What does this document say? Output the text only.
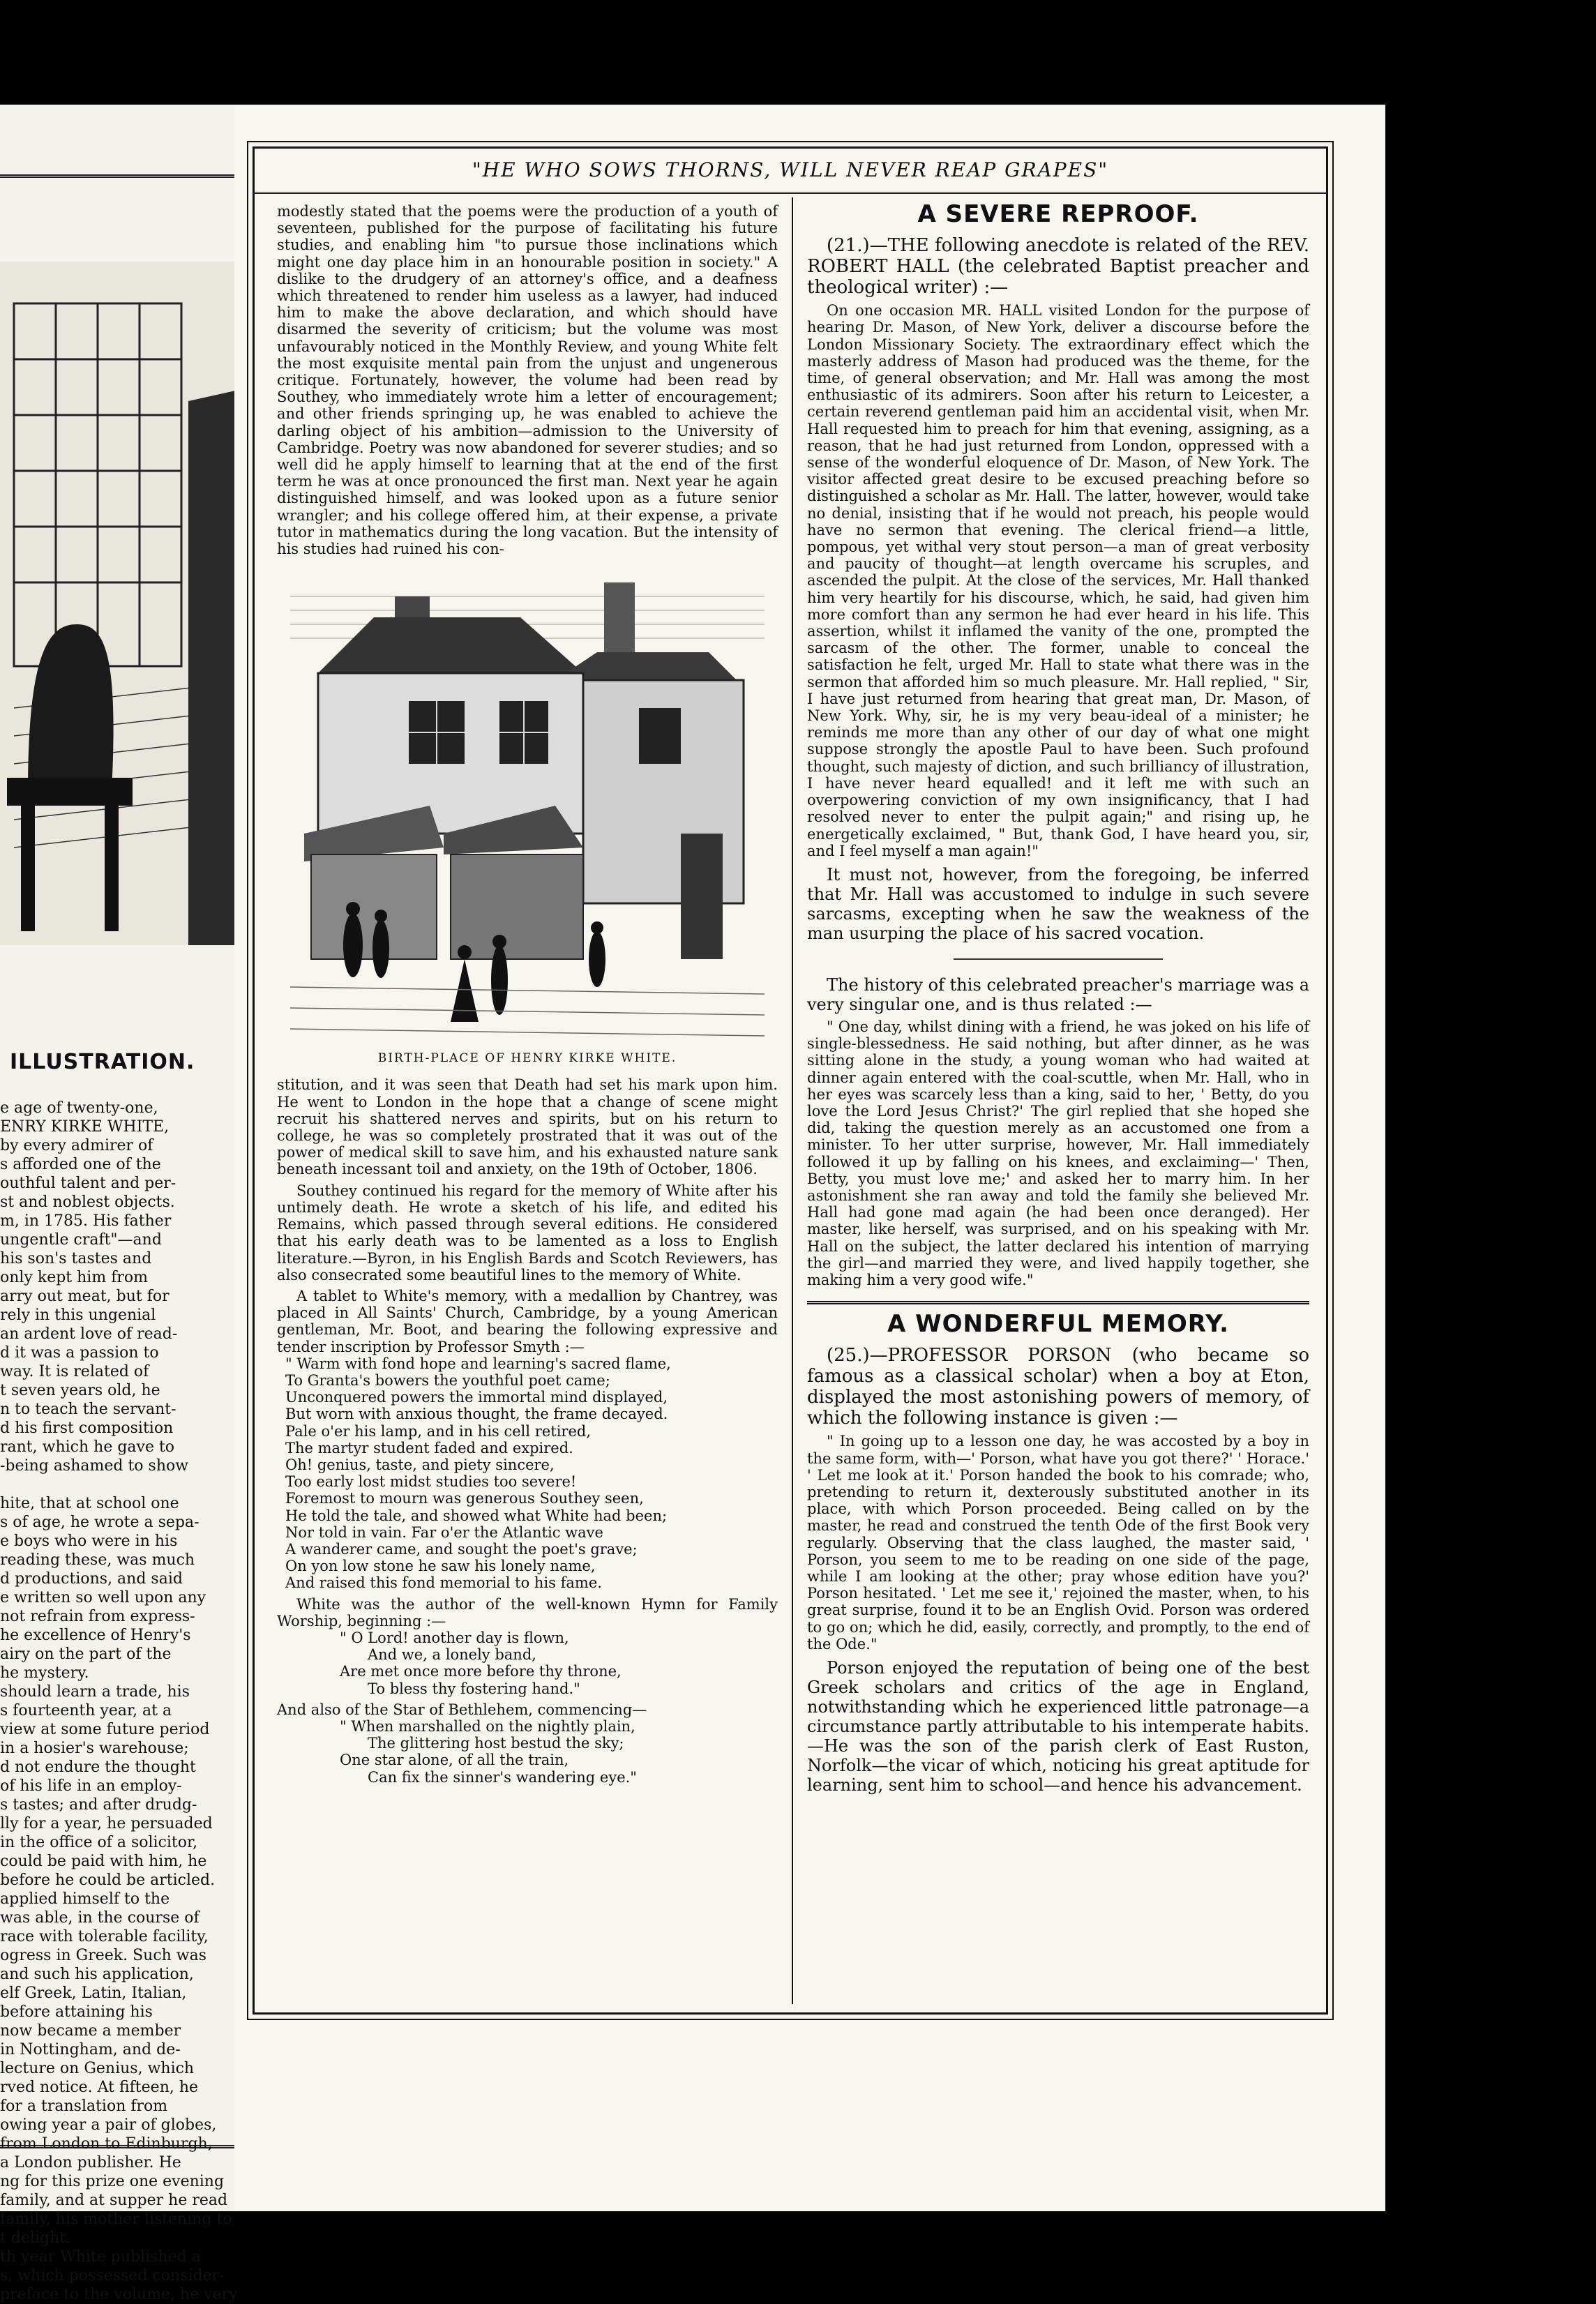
ILLUSTRATION.

e age of twenty-one,

ENRY KIRKE WHITE,

by every admirer of

s afforded one of the

outhful talent and per-

st and noblest objects.

m, in 1785. His father

ungentle craft"—and

his son's tastes and

only kept him from

arry out meat, but for

rely in this ungenial

an ardent love of read-

d it was a passion to

way. It is related of

t seven years old, he

n to teach the servant-

d his first composition

rant, which he gave to

-being ashamed to show

hite, that at school one

s of age, he wrote a sepa-

e boys who were in his

reading these, was much

d productions, and said

e written so well upon any

not refrain from express-

he excellence of Henry's

airy on the part of the

he mystery.

should learn a trade, his

s fourteenth year, at a

view at some future period

in a hosier's warehouse;

d not endure the thought

of his life in an employ-

s tastes; and after drudg-

lly for a year, he persuaded

in the office of a solicitor,

could be paid with him, he

before he could be articled.

applied himself to the

was able, in the course of

race with tolerable facility,

ogress in Greek. Such was

and such his application,

elf Greek, Latin, Italian,

before attaining his

now became a member

in Nottingham, and de-

lecture on Genius, which

rved notice. At fifteen, he

for a translation from

owing year a pair of globes,

from London to Edinburgh,

a London publisher. He

ng for this prize one evening

family, and at supper he read

family, his mother listening to

t delight.

th year White published a

s, which possessed consider-

preface to the volume, he very

"HE WHO SOWS THORNS, WILL NEVER REAP GRAPES"

modestly stated that the poems were the production of a youth of seventeen, published for the purpose of facilitating his future studies, and enabling him "to pursue those inclinations which might one day place him in an honourable position in society." A dislike to the drudgery of an attorney's office, and a deafness which threatened to render him useless as a lawyer, had induced him to make the above declaration, and which should have disarmed the severity of criticism; but the volume was most unfavourably noticed in the Monthly Review, and young White felt the most exquisite mental pain from the unjust and ungenerous critique. Fortunately, however, the volume had been read by Southey, who immediately wrote him a letter of encouragement; and other friends springing up, he was enabled to achieve the darling object of his ambition—admission to the University of Cambridge. Poetry was now abandoned for severer studies; and so well did he apply himself to learning that at the end of the first term he was at once pronounced the first man. Next year he again distinguished himself, and was looked upon as a future senior wrangler; and his college offered him, at their expense, a private tutor in mathematics during the long vacation. But the intensity of his studies had ruined his con-

BIRTH-PLACE OF HENRY KIRKE WHITE.

stitution, and it was seen that Death had set his mark upon him. He went to London in the hope that a change of scene might recruit his shattered nerves and spirits, but on his return to college, he was so completely prostrated that it was out of the power of medical skill to save him, and his exhausted nature sank beneath incessant toil and anxiety, on the 19th of October, 1806.

Southey continued his regard for the memory of White after his untimely death. He wrote a sketch of his life, and edited his Remains, which passed through several editions. He considered that his early death was to be lamented as a loss to English literature.—Byron, in his English Bards and Scotch Reviewers, has also consecrated some beautiful lines to the memory of White.

A tablet to White's memory, with a medallion by Chantrey, was placed in All Saints' Church, Cambridge, by a young American gentleman, Mr. Boot, and bearing the following expressive and tender inscription by Professor Smyth :—

" Warm with fond hope and learning's sacred flame,
To Granta's bowers the youthful poet came;
Unconquered powers the immortal mind displayed,
But worn with anxious thought, the frame decayed.
Pale o'er his lamp, and in his cell retired,
The martyr student faded and expired.
Oh! genius, taste, and piety sincere,
Too early lost midst studies too severe!
Foremost to mourn was generous Southey seen,
He told the tale, and showed what White had been;
Nor told in vain. Far o'er the Atlantic wave
A wanderer came, and sought the poet's grave;
On yon low stone he saw his lonely name,
And raised this fond memorial to his fame.

White was the author of the well-known Hymn for Family Worship, beginning :—

" O Lord! another day is flown,
And we, a lonely band,
Are met once more before thy throne,
To bless thy fostering hand."

And also of the Star of Bethlehem, commencing—

" When marshalled on the nightly plain,
The glittering host bestud the sky;
One star alone, of all the train,
Can fix the sinner's wandering eye."
A SEVERE REPROOF.

(21.)—THE following anecdote is related of the REV. ROBERT HALL (the celebrated Baptist preacher and theological writer) :—

On one occasion MR. HALL visited London for the purpose of hearing Dr. Mason, of New York, deliver a discourse before the London Missionary Society. The extraordinary effect which the masterly address of Mason had produced was the theme, for the time, of general observation; and Mr. Hall was among the most enthusiastic of its admirers. Soon after his return to Leicester, a certain reverend gentleman paid him an accidental visit, when Mr. Hall requested him to preach for him that evening, assigning, as a reason, that he had just returned from London, oppressed with a sense of the wonderful eloquence of Dr. Mason, of New York. The visitor affected great desire to be excused preaching before so distinguished a scholar as Mr. Hall. The latter, however, would take no denial, insisting that if he would not preach, his people would have no sermon that evening. The clerical friend—a little, pompous, yet withal very stout person—a man of great verbosity and paucity of thought—at length overcame his scruples, and ascended the pulpit. At the close of the services, Mr. Hall thanked him very heartily for his discourse, which, he said, had given him more comfort than any sermon he had ever heard in his life. This assertion, whilst it inflamed the vanity of the one, prompted the sarcasm of the other. The former, unable to conceal the satisfaction he felt, urged Mr. Hall to state what there was in the sermon that afforded him so much pleasure. Mr. Hall replied, " Sir, I have just returned from hearing that great man, Dr. Mason, of New York. Why, sir, he is my very beau-ideal of a minister; he reminds me more than any other of our day of what one might suppose strongly the apostle Paul to have been. Such profound thought, such majesty of diction, and such brilliancy of illustration, I have never heard equalled! and it left me with such an overpowering conviction of my own insignificancy, that I had resolved never to enter the pulpit again;" and rising up, he energetically exclaimed, " But, thank God, I have heard you, sir, and I feel myself a man again!"

It must not, however, from the foregoing, be inferred that Mr. Hall was accustomed to indulge in such severe sarcasms, excepting when he saw the weakness of the man usurping the place of his sacred vocation.

The history of this celebrated preacher's marriage was a very singular one, and is thus related :—

" One day, whilst dining with a friend, he was joked on his life of single-blessedness. He said nothing, but after dinner, as he was sitting alone in the study, a young woman who had waited at dinner again entered with the coal-scuttle, when Mr. Hall, who in her eyes was scarcely less than a king, said to her, ' Betty, do you love the Lord Jesus Christ?' The girl replied that she hoped she did, taking the question merely as an accustomed one from a minister. To her utter surprise, however, Mr. Hall immediately followed it up by falling on his knees, and exclaiming—' Then, Betty, you must love me;' and asked her to marry him. In her astonishment she ran away and told the family she believed Mr. Hall had gone mad again (he had been once deranged). Her master, like herself, was surprised, and on his speaking with Mr. Hall on the subject, the latter declared his intention of marrying the girl—and married they were, and lived happily together, she making him a very good wife."

A WONDERFUL MEMORY.

(25.)—PROFESSOR PORSON (who became so famous as a classical scholar) when a boy at Eton, displayed the most astonishing powers of memory, of which the following instance is given :—

" In going up to a lesson one day, he was accosted by a boy in the same form, with—' Porson, what have you got there?' ' Horace.' ' Let me look at it.' Porson handed the book to his comrade; who, pretending to return it, dexterously substituted another in its place, with which Porson proceeded. Being called on by the master, he read and construed the tenth Ode of the first Book very regularly. Observing that the class laughed, the master said, ' Porson, you seem to me to be reading on one side of the page, while I am looking at the other; pray whose edition have you?' Porson hesitated. ' Let me see it,' rejoined the master, when, to his great surprise, found it to be an English Ovid. Porson was ordered to go on; which he did, easily, correctly, and promptly, to the end of the Ode."

Porson enjoyed the reputation of being one of the best Greek scholars and critics of the age in England, notwithstanding which he experienced little patronage—a circumstance partly attributable to his intemperate habits.—He was the son of the parish clerk of East Ruston, Norfolk—the vicar of which, noticing his great aptitude for learning, sent him to school—and hence his advancement.
